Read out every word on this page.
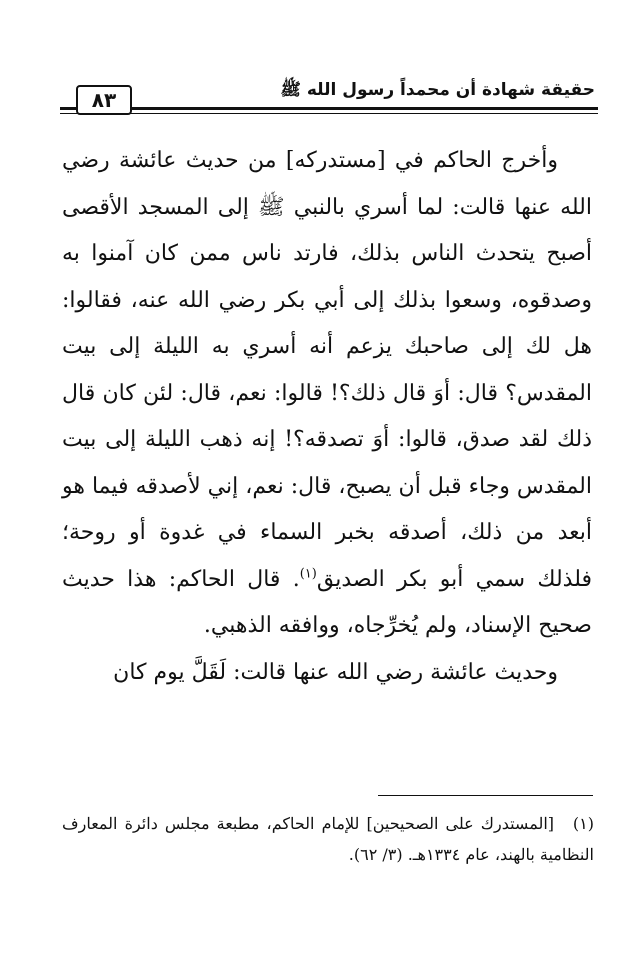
حقيقة شهادة أن محمداً رسول الله ﷺ
٨٣

وأخرج الحاكم في [مستدركه] من حديث عائشة رضي الله عنها قالت: لما أسري بالنبي ﷺ إلى المسجد الأقصى أصبح يتحدث الناس بذلك، فارتد ناس ممن كان آمنوا به وصدقوه، وسعوا بذلك إلى أبي بكر رضي الله عنه، فقالوا: هل لك إلى صاحبك يزعم أنه أسري به الليلة إلى بيت المقدس؟ قال: أوَ قال ذلك؟! قالوا: نعم، قال: لئن كان قال ذلك لقد صدق، قالوا: أوَ تصدقه؟! إنه ذهب الليلة إلى بيت المقدس وجاء قبل أن يصبح، قال: نعم، إني لأصدقه فيما هو أبعد من ذلك، أصدقه بخبر السماء في غدوة أو روحة؛ فلذلك سمي أبو بكر الصديق$^{(١)}$. قال الحاكم: هذا حديث صحيح الإسناد، ولم يُخرِّجاه، ووافقه الذهبي.

وحديث عائشة رضي الله عنها قالت: لَقَلَّ يوم كان

(١)[المستدرك على الصحيحين] للإمام الحاكم، مطبعة مجلس دائرة المعارف النظامية بالهند، عام ١٣٣٤هـ. (٣/ ٦٢).
